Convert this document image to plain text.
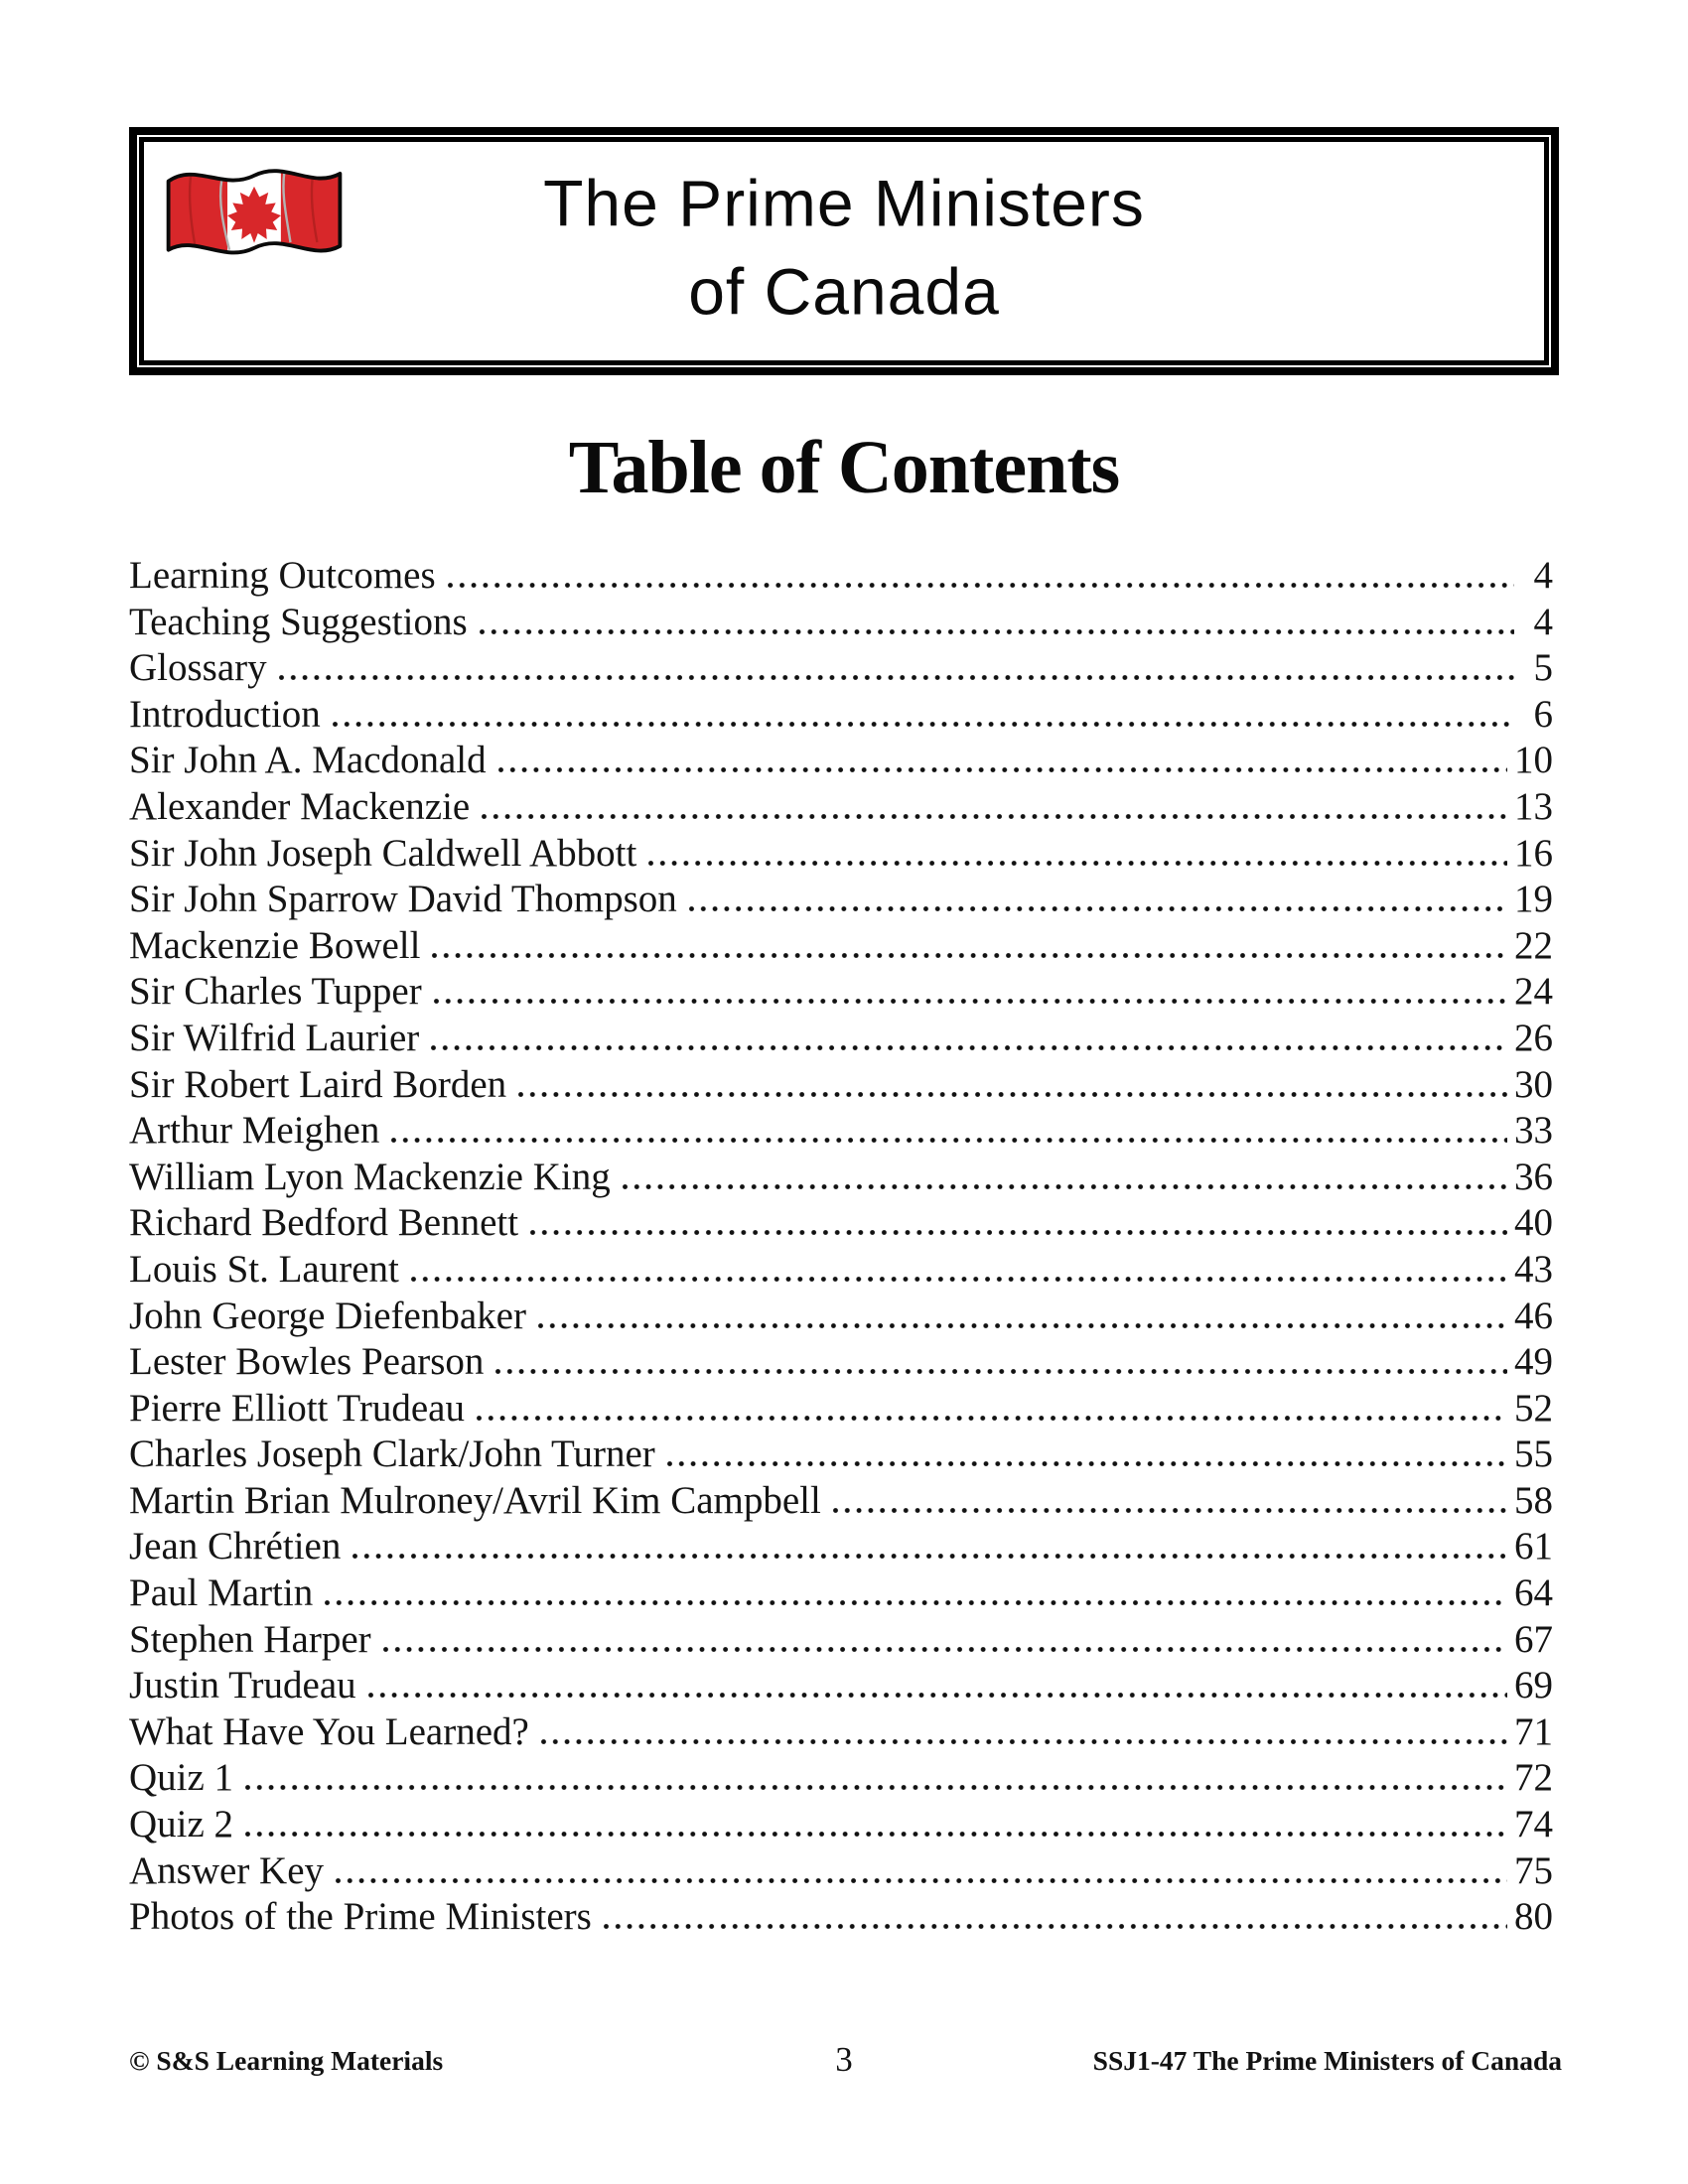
The Prime Ministers
of Canada
Table of Contents
Learning Outcomes	4
Teaching Suggestions	4
Glossary	5
Introduction	6
Sir John A. Macdonald	10
Alexander Mackenzie	13
Sir John Joseph Caldwell Abbott	16
Sir John Sparrow David Thompson	19
Mackenzie Bowell	22
Sir Charles Tupper	24
Sir Wilfrid Laurier	26
Sir Robert Laird Borden	30
Arthur Meighen	33
William Lyon Mackenzie King	36
Richard Bedford Bennett	40
Louis St. Laurent	43
John George Diefenbaker	46
Lester Bowles Pearson	49
Pierre Elliott Trudeau	52
Charles Joseph Clark/John Turner	55
Martin Brian Mulroney/Avril Kim Campbell	58
Jean Chrétien	61
Paul Martin	64
Stephen Harper	67
Justin Trudeau	69
What Have You Learned?	71
Quiz 1	72
Quiz 2	74
Answer Key	75
Photos of the Prime Ministers	80
© S&S Learning Materials	3	SSJ1-47 The Prime Ministers of Canada
